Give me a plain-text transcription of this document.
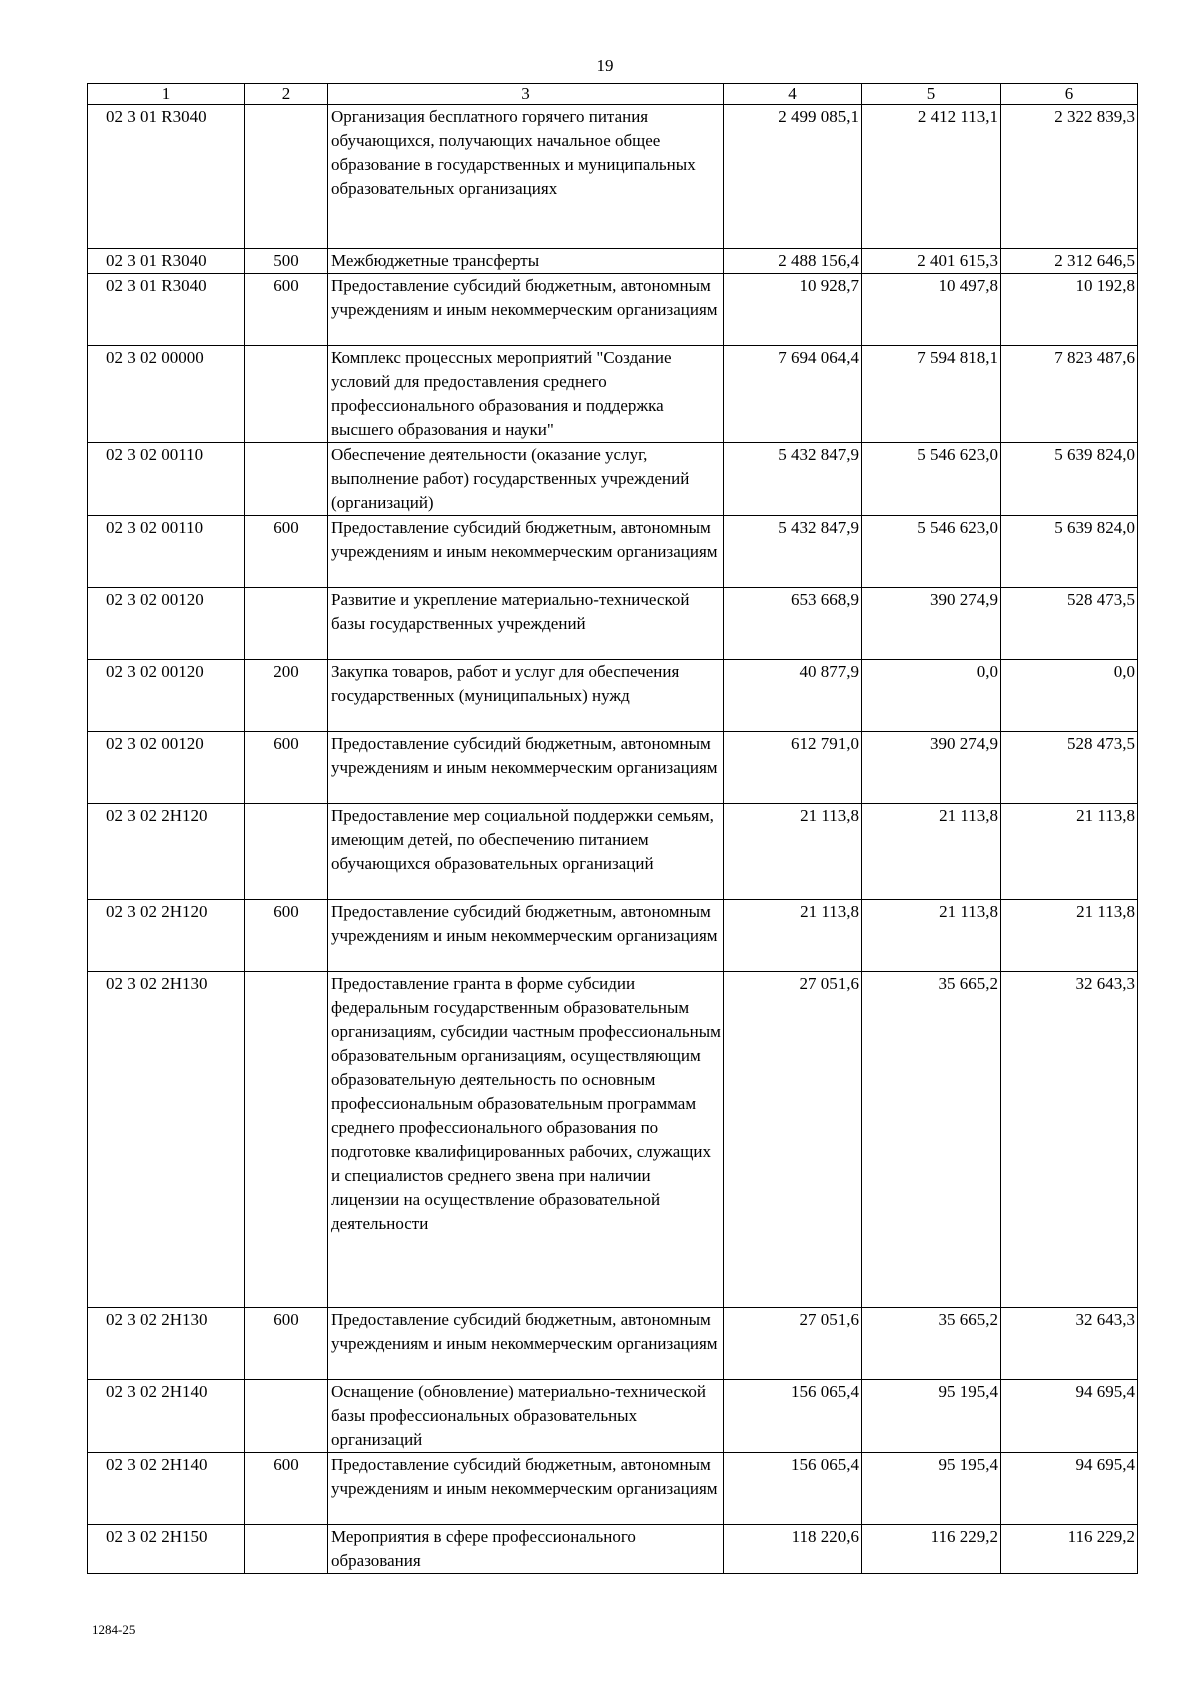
19
1	2	3	4	5	6
02 3 01 R3040		Организация бесплатного горячего питания обучающихся, получающих начальное общее образование в государственных и муниципальных образовательных организациях	2 499 085,1	2 412 113,1	2 322 839,3
02 3 01 R3040	500	Межбюджетные трансферты	2 488 156,4	2 401 615,3	2 312 646,5
02 3 01 R3040	600	Предоставление субсидий бюджетным, автономным учреждениям и иным некоммерческим организациям	10 928,7	10 497,8	10 192,8
02 3 02 00000		Комплекс процессных мероприятий "Создание условий для предоставления среднего профессионального образования и поддержка высшего образования и науки"	7 694 064,4	7 594 818,1	7 823 487,6
02 3 02 00110		Обеспечение деятельности (оказание услуг, выполнение работ) государственных учреждений (организаций)	5 432 847,9	5 546 623,0	5 639 824,0
02 3 02 00110	600	Предоставление субсидий бюджетным, автономным учреждениям и иным некоммерческим организациям	5 432 847,9	5 546 623,0	5 639 824,0
02 3 02 00120		Развитие и укрепление материально-технической базы государственных учреждений	653 668,9	390 274,9	528 473,5
02 3 02 00120	200	Закупка товаров, работ и услуг для обеспечения государственных (муниципальных) нужд	40 877,9	0,0	0,0
02 3 02 00120	600	Предоставление субсидий бюджетным, автономным учреждениям и иным некоммерческим организациям	612 791,0	390 274,9	528 473,5
02 3 02 2Н120		Предоставление мер социальной поддержки семьям, имеющим детей, по обеспечению питанием обучающихся образовательных организаций	21 113,8	21 113,8	21 113,8
02 3 02 2Н120	600	Предоставление субсидий бюджетным, автономным учреждениям и иным некоммерческим организациям	21 113,8	21 113,8	21 113,8
02 3 02 2Н130		Предоставление гранта в форме субсидии федеральным государственным образовательным организациям, субсидии частным профессиональным образовательным организациям, осуществляющим образовательную деятельность по основным профессиональным образовательным программам среднего профессионального образования по подготовке квалифицированных рабочих, служащих и специалистов среднего звена при наличии лицензии на осуществление образовательной деятельности	27 051,6	35 665,2	32 643,3
02 3 02 2Н130	600	Предоставление субсидий бюджетным, автономным учреждениям и иным некоммерческим организациям	27 051,6	35 665,2	32 643,3
02 3 02 2Н140		Оснащение (обновление) материально-технической базы профессиональных образовательных организаций	156 065,4	95 195,4	94 695,4
02 3 02 2Н140	600	Предоставление субсидий бюджетным, автономным учреждениям и иным некоммерческим организациям	156 065,4	95 195,4	94 695,4
02 3 02 2Н150		Мероприятия в сфере профессионального образования	118 220,6	116 229,2	116 229,2
1284-25
